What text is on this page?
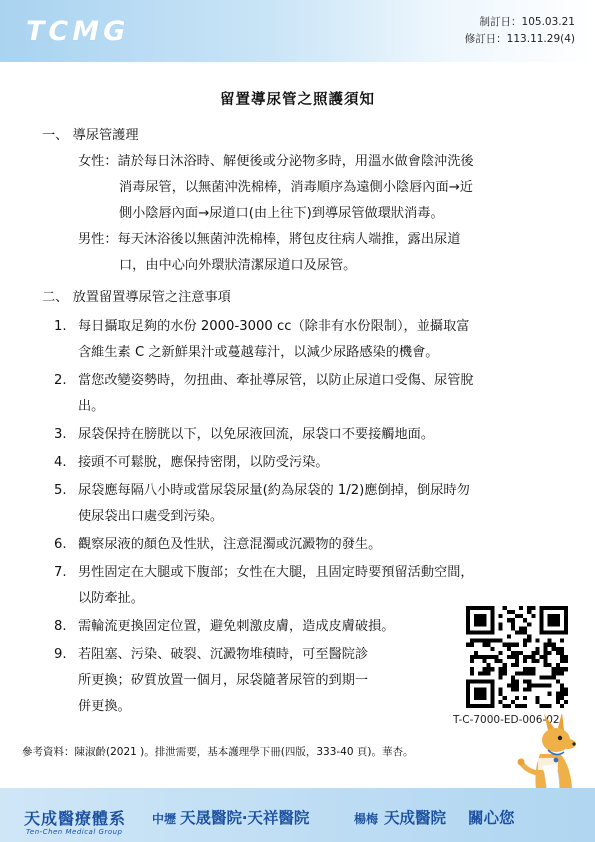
TCMG	制訂日：105.03.21
修訂日：113.11.29(4)
留置導尿管之照護須知
一、 導尿管護理
女性：請於每日沐浴時、解便後或分泌物多時，用溫水做會陰沖洗後
消毒尿管，以無菌沖洗棉棒，消毒順序為遠側小陰唇內面→近
側小陰唇內面→尿道口(由上往下)到導尿管做環狀消毒。
男性：每天沐浴後以無菌沖洗棉棒，將包皮往病人端推，露出尿道
口，由中心向外環狀清潔尿道口及尿管。
二、 放置留置導尿管之注意事項
1. 每日攝取足夠的水份 2000-3000 cc（除非有水份限制），並攝取富
含維生素 C 之新鮮果汁或蔓越莓汁，以減少尿路感染的機會。
2. 當您改變姿勢時，勿扭曲、牽扯導尿管，以防止尿道口受傷、尿管脫
出。
3. 尿袋保持在膀胱以下，以免尿液回流，尿袋口不要接觸地面。
4. 接頭不可鬆脫，應保持密閉，以防受污染。
5. 尿袋應每隔八小時或當尿袋尿量(約為尿袋的 1/2)應倒掉，倒尿時勿
使尿袋出口處受到污染。
6. 觀察尿液的顏色及性狀，注意混濁或沉澱物的發生。
7. 男性固定在大腿或下腹部；女性在大腿，且固定時要預留活動空間，
以防牽扯。
8. 需輪流更換固定位置，避免刺激皮膚，造成皮膚破損。
9. 若阻塞、污染、破裂、沉澱物堆積時，可至醫院診
所更換；矽質放置一個月，尿袋隨著尿管的到期一
併更換。
T-C-7000-ED-006-02
參考資料：陳淑齡(2021 )。排泄需要，基本護理學下冊(四版，333-40 頁)。華杏。
天成醫療體系
Ten-Chen Medical Group
中壢 天晟醫院‧天祥醫院	楊梅 天成醫院 關心您
